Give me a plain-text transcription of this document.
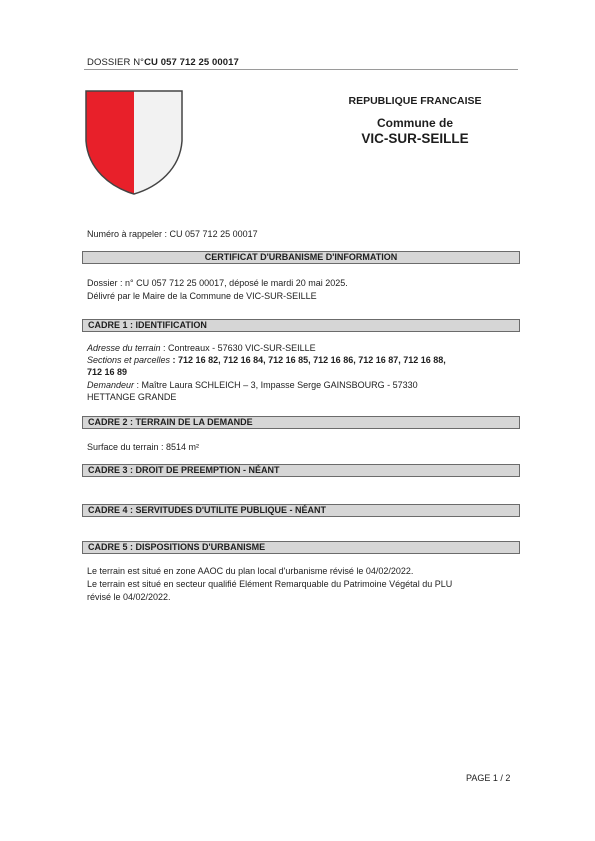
DOSSIER N°CU 057 712 25 00017
REPUBLIQUE FRANCAISE
Commune de
VIC-SUR-SEILLE
Numéro à rappeler : CU 057 712 25 00017
CERTIFICAT D'URBANISME D'INFORMATION
Dossier : n° CU 057 712 25 00017, déposé le mardi 20 mai 2025.
Délivré par le Maire de la Commune de VIC-SUR-SEILLE
CADRE 1 : IDENTIFICATION
Adresse du terrain : Contreaux - 57630 VIC-SUR-SEILLE
Sections et parcelles : 712 16 82, 712 16 84, 712 16 85, 712 16 86, 712 16 87, 712 16 88,
712 16 89
Demandeur : Maître Laura SCHLEICH – 3, Impasse Serge GAINSBOURG - 57330
HETTANGE GRANDE
CADRE 2 : TERRAIN DE LA DEMANDE
Surface du terrain : 8514 m²
CADRE 3 : DROIT DE PREEMPTION - NÉANT
CADRE 4 : SERVITUDES D'UTILITE PUBLIQUE - NÉANT
CADRE 5 : DISPOSITIONS D'URBANISME
Le terrain est situé en zone AAOC du plan local d'urbanisme révisé le 04/02/2022.
Le terrain est situé en secteur qualifié Elément Remarquable du Patrimoine Végétal du PLU
révisé le 04/02/2022.
PAGE 1 / 2
